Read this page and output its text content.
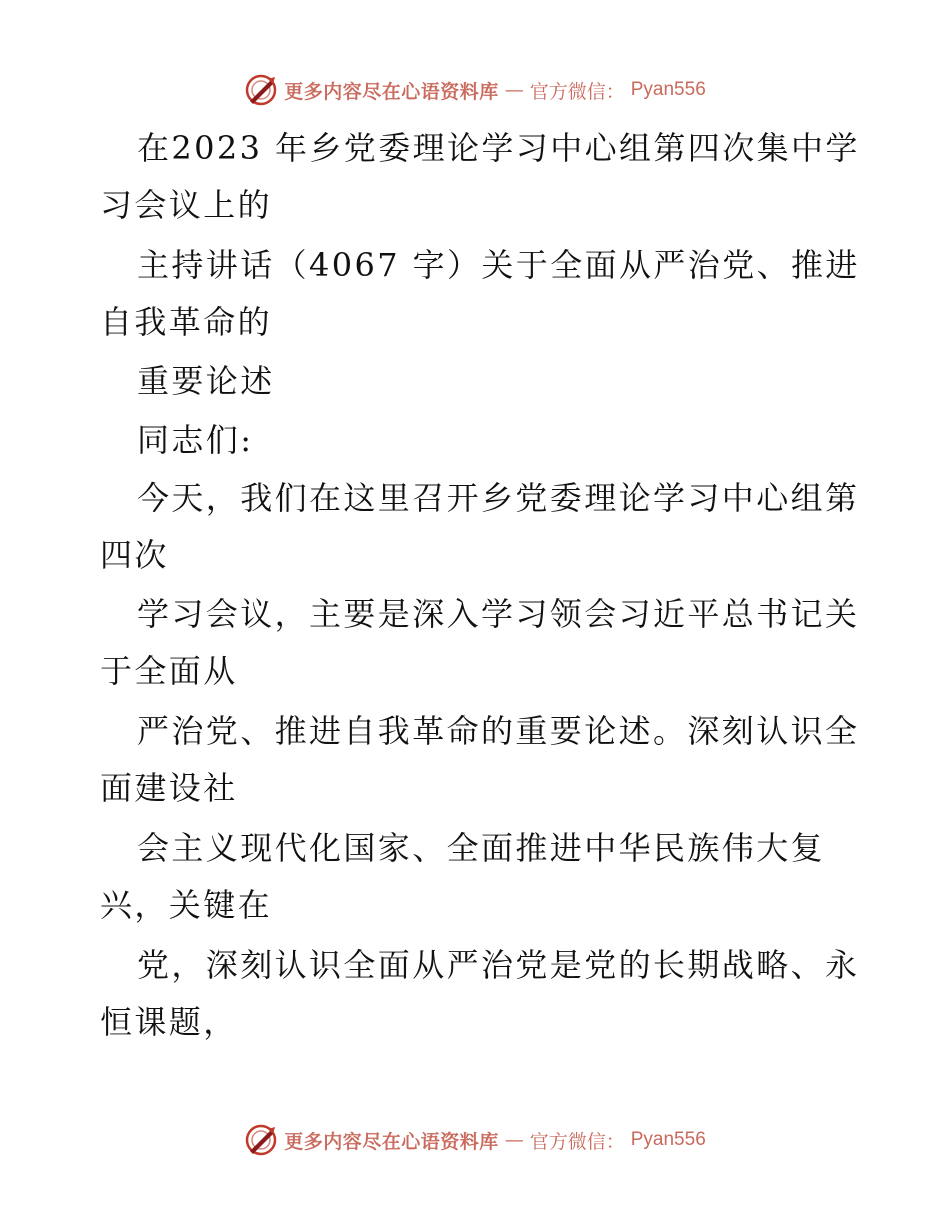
更多内容尽在心语资料库 — 官方微信： Pyan556
在2023 年乡党委理论学习中心组第四次集中学
习会议上的
主持讲话（4067 字）关于全面从严治党、推进
自我革命的
重要论述
同志们:
今天，我们在这里召开乡党委理论学习中心组第
四次
学习会议，主要是深入学习领会习近平总书记关
于全面从
严治党、推进自我革命的重要论述。深刻认识全
面建设社
会主义现代化国家、全面推进中华民族伟大复
兴，关键在
党，深刻认识全面从严治党是党的长期战略、永
恒课题，
更多内容尽在心语资料库 — 官方微信： Pyan556
